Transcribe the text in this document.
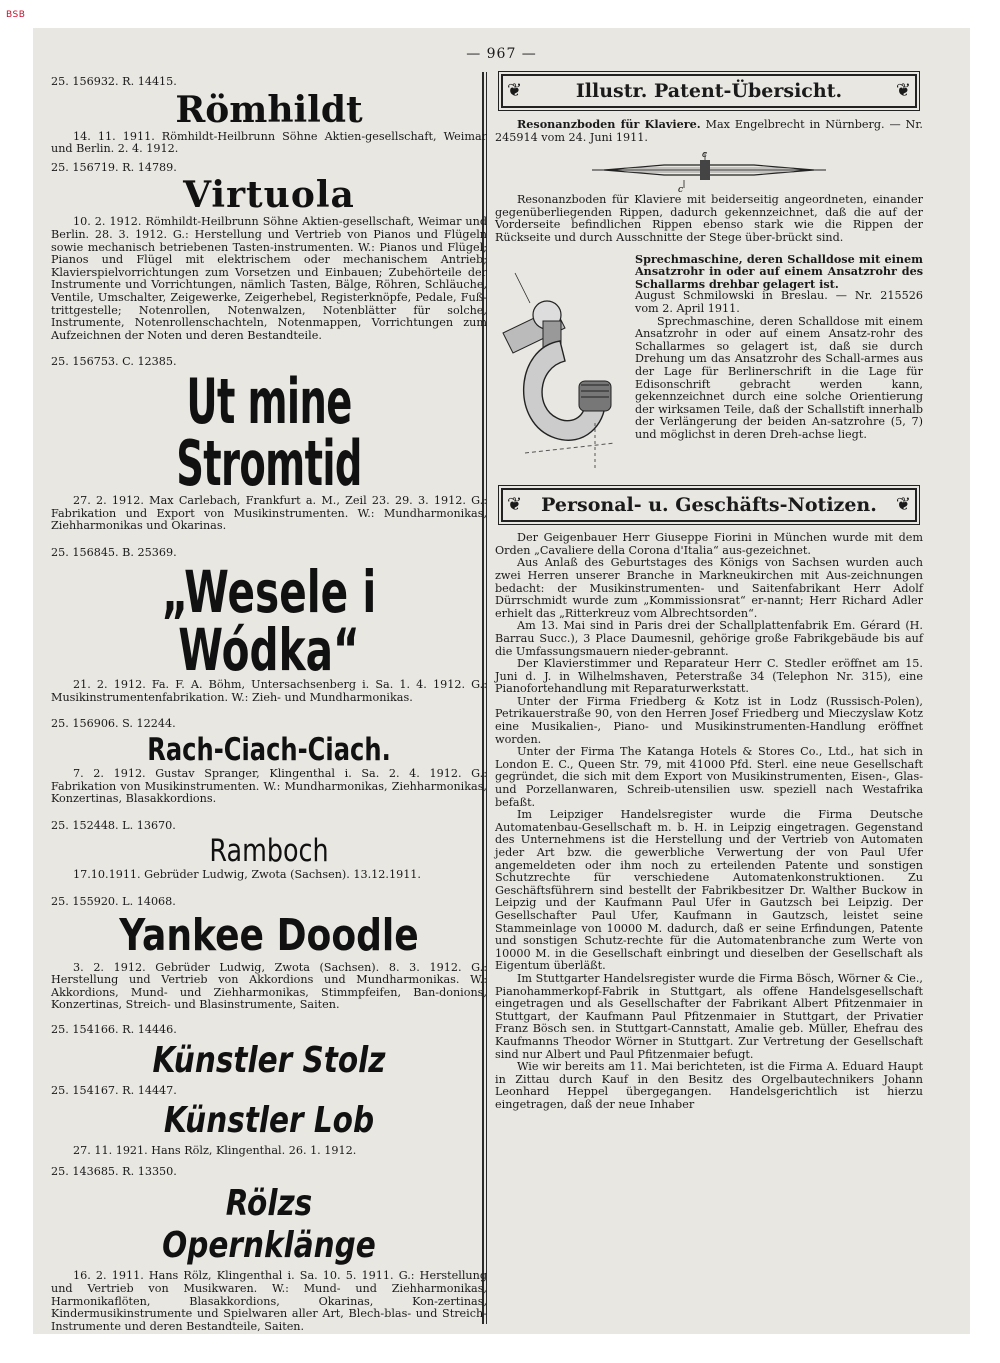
BSB
— 967 —
25. 156932. R. 14415.
Römhildt

14. 11. 1911. Römhildt-Heilbrunn Söhne Aktien-gesellschaft, Weimar und Berlin. 2. 4. 1912.

25. 156719. R. 14789.
Virtuola

10. 2. 1912. Römhildt-Heilbrunn Söhne Aktien-gesellschaft, Weimar und Berlin. 28. 3. 1912. G.: Herstellung und Vertrieb von Pianos und Flügeln sowie mechanisch betriebenen Tasten-instrumenten. W.: Pianos und Flügel; Pianos und Flügel mit elektrischem oder mechanischem Antrieb; Klavierspielvorrichtungen zum Vorsetzen und Einbauen; Zubehörteile der Instrumente und Vorrichtungen, nämlich Tasten, Bälge, Röhren, Schläuche, Ventile, Umschalter, Zeigewerke, Zeigerhebel, Registerknöpfe, Pedale, Fuß-trittgestelle; Notenrollen, Notenwalzen, Notenblätter für solche, Instrumente, Notenrollenschachteln, Notenmappen, Vorrichtungen zum Aufzeichnen der Noten und deren Bestandteile.

25. 156753. C. 12385.
Ut mine Stromtid

27. 2. 1912. Max Carlebach, Frankfurt a. M., Zeil 23. 29. 3. 1912. G.: Fabrikation und Export von Musikinstrumenten. W.: Mundharmonikas, Ziehharmonikas und Okarinas.

25. 156845. B. 25369.
„Wesele i Wódka“

21. 2. 1912. Fa. F. A. Böhm, Untersachsenberg i. Sa. 1. 4. 1912. G.: Musikinstrumentenfabrikation. W.: Zieh- und Mundharmonikas.

25. 156906. S. 12244.
Rach-Ciach-Ciach.

7. 2. 1912. Gustav Spranger, Klingenthal i. Sa. 2. 4. 1912. G.: Fabrikation von Musikinstrumenten. W.: Mundharmonikas, Ziehharmonikas, Konzertinas, Blasakkordions.

25. 152448. L. 13670.
Ramboch

17.10.1911. Gebrüder Ludwig, Zwota (Sachsen). 13.12.1911.

25. 155920. L. 14068.
Yankee Doodle

3. 2. 1912. Gebrüder Ludwig, Zwota (Sachsen). 8. 3. 1912. G.: Herstellung und Vertrieb von Akkordions und Mundharmonikas. W.: Akkordions, Mund- und Ziehharmonikas, Stimmpfeifen, Ban-donions, Konzertinas, Streich- und Blasinstrumente, Saiten.

25. 154166. R. 14446.
Künstler Stolz
25. 154167. R. 14447.
Künstler Lob

27. 11. 1921. Hans Rölz, Klingenthal. 26. 1. 1912.

25. 143685. R. 13350.
Rölzs
Opernklänge

16. 2. 1911. Hans Rölz, Klingenthal i. Sa. 10. 5. 1911. G.: Herstellung und Vertrieb von Musikwaren. W.: Mund- und Ziehharmonikas, Harmonikaflöten, Blasakkordions, Okarinas, Kon-zertinas, Kindermusikinstrumente und Spielwaren aller Art, Blech-blas- und Streich-Instrumente und deren Bestandteile, Saiten.

❦	Illustr. Patent-Übersicht.	❦

Resonanzboden für Klaviere. Max Engelbrecht in Nürnberg. — Nr. 245914 vom 24. Juni 1911.

c
c

Resonanzboden für Klaviere mit beiderseitig angeordneten, einander gegenüberliegenden Rippen, dadurch gekennzeichnet, daß die auf der Vorderseite befindlichen Rippen ebenso stark wie die Rippen der Rückseite und durch Ausschnitte der Stege über-brückt sind.

Sprechmaschine, deren Schalldose mit einem Ansatzrohr in oder auf einem Ansatzrohr des Schallarms drehbar gelagert ist.

August Schmilowski in Breslau. — Nr. 215526 vom 2. April 1911.

Sprechmaschine, deren Schalldose mit einem Ansatzrohr in oder auf einem Ansatz-rohr des Schallarmes so gelagert ist, daß sie durch Drehung um das Ansatzrohr des Schall-armes aus der Lage für Berlinerschrift in die Lage für Edisonschrift gebracht werden kann, gekennzeichnet durch eine solche Orientierung der wirksamen Teile, daß der Schallstift innerhalb der Verlängerung der beiden An-satzrohre (5, 7) und möglichst in deren Dreh-achse liegt.

❦ Personal- u. Geschäfts-Notizen. ❦

Der Geigenbauer Herr Giuseppe Fiorini in München wurde mit dem Orden „Cavaliere della Corona d'Italia“ aus-gezeichnet.

Aus Anlaß des Geburtstages des Königs von Sachsen wurden auch zwei Herren unserer Branche in Markneukirchen mit Aus-zeichnungen bedacht: der Musikinstrumenten- und Saitenfabrikant Herr Adolf Dürrschmidt wurde zum „Kommissionsrat“ er-nannt; Herr Richard Adler erhielt das „Ritterkreuz vom Albrechtsorden“.

Am 13. Mai sind in Paris drei der Schallplattenfabrik Em. Gérard (H. Barrau Succ.), 3 Place Daumesnil, gehörige große Fabrikgebäude bis auf die Umfassungsmauern nieder-gebrannt.

Der Klavierstimmer und Reparateur Herr C. Stedler eröffnet am 15. Juni d. J. in Wilhelmshaven, Peterstraße 34 (Telephon Nr. 315), eine Pianofortehandlung mit Reparaturwerkstatt.

Unter der Firma Friedberg & Kotz ist in Lodz (Russisch-Polen), Petrikauerstraße 90, von den Herren Josef Friedberg und Mieczyslaw Kotz eine Musikalien-, Piano- und Musikinstrumenten-Handlung eröffnet worden.

Unter der Firma The Katanga Hotels & Stores Co., Ltd., hat sich in London E. C., Queen Str. 79, mit 41000 Pfd. Sterl. eine neue Gesellschaft gegründet, die sich mit dem Export von Musikinstrumenten, Eisen-, Glas- und Porzellanwaren, Schreib-utensilien usw. speziell nach Westafrika befaßt.

Im Leipziger Handelsregister wurde die Firma Deutsche Automatenbau-Gesellschaft m. b. H. in Leipzig eingetragen. Gegenstand des Unternehmens ist die Herstellung und der Vertrieb von Automaten jeder Art bzw. die gewerbliche Verwertung der von Paul Ufer angemeldeten oder ihm noch zu erteilenden Patente und sonstigen Schutzrechte für verschiedene Automatenkonstruktionen. Zu Geschäftsführern sind bestellt der Fabrikbesitzer Dr. Walther Buckow in Leipzig und der Kaufmann Paul Ufer in Gautzsch bei Leipzig. Der Gesellschafter Paul Ufer, Kaufmann in Gautzsch, leistet seine Stammeinlage von 10000 M. dadurch, daß er seine Erfindungen, Patente und sonstigen Schutz-rechte für die Automatenbranche zum Werte von 10000 M. in die Gesellschaft einbringt und dieselben der Gesellschaft als Eigentum überläßt.

Im Stuttgarter Handelsregister wurde die Firma Bösch, Wörner & Cie., Pianohammerkopf-Fabrik in Stuttgart, als offene Handelsgesellschaft eingetragen und als Gesellschafter der Fabrikant Albert Pfitzenmaier in Stuttgart, der Kaufmann Paul Pfitzenmaier in Stuttgart, der Privatier Franz Bösch sen. in Stuttgart-Cannstatt, Amalie geb. Müller, Ehefrau des Kaufmanns Theodor Wörner in Stuttgart. Zur Vertretung der Gesellschaft sind nur Albert und Paul Pfitzenmaier befugt.

Wie wir bereits am 11. Mai berichteten, ist die Firma A. Eduard Haupt in Zittau durch Kauf in den Besitz des Orgelbautechnikers Johann Leonhard Heppel übergegangen. Handelsgerichtlich ist hierzu eingetragen, daß der neue Inhaber
